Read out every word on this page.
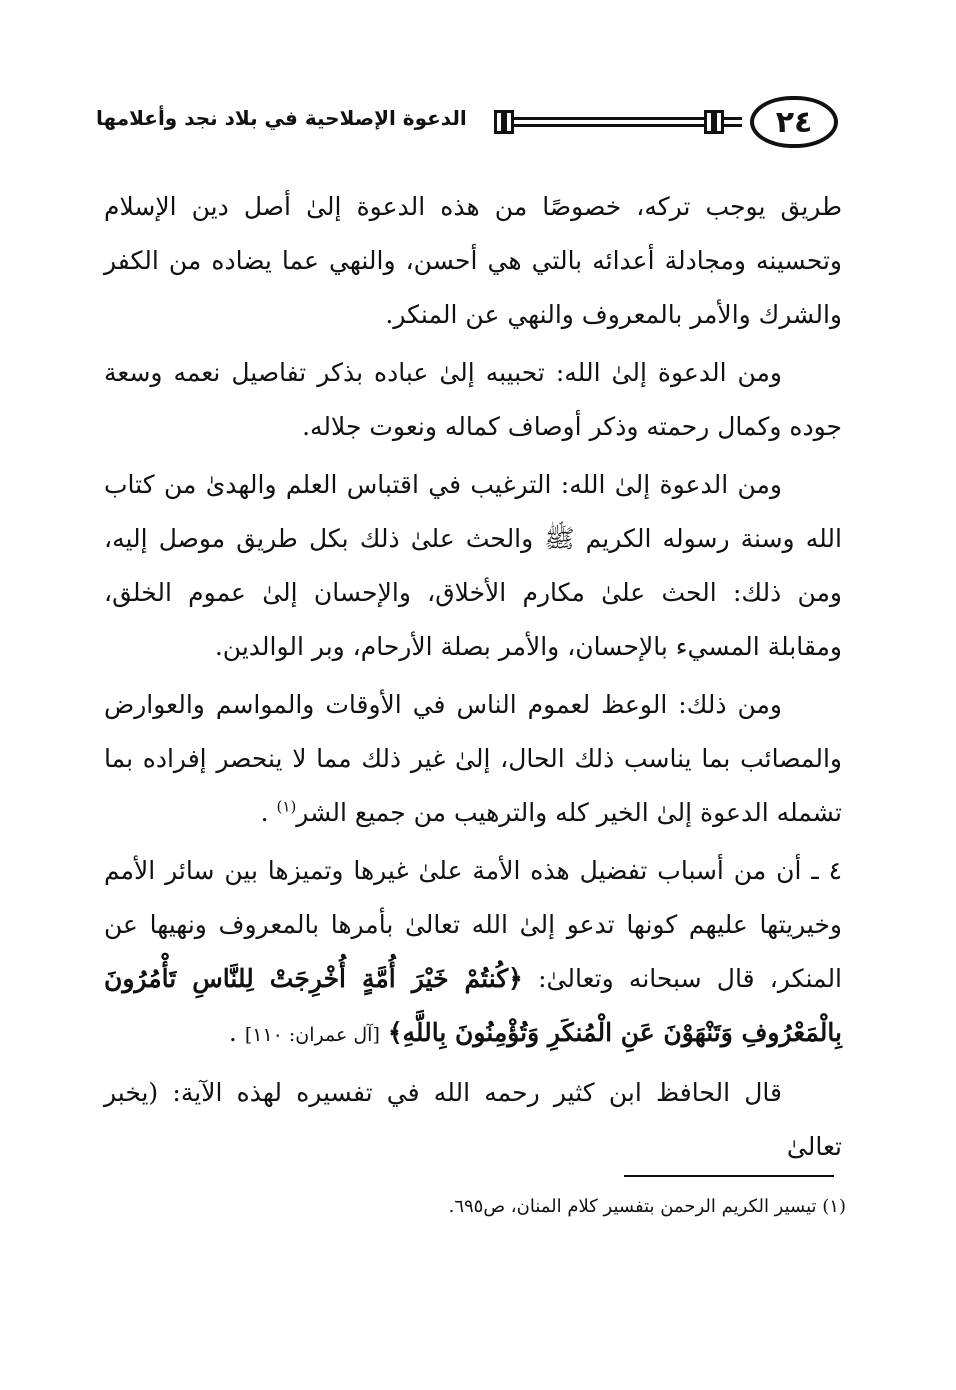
٢٤
الدعوة الإصلاحية في بلاد نجد وأعلامها

طريق يوجب تركه، خصوصًا من هذه الدعوة إلىٰ أصل دين الإسلام وتحسينه ومجادلة أعدائه بالتي هي أحسن، والنهي عما يضاده من الكفر والشرك والأمر بالمعروف والنهي عن المنكر.

ومن الدعوة إلىٰ الله: تحبيبه إلىٰ عباده بذكر تفاصيل نعمه وسعة جوده وكمال رحمته وذكر أوصاف كماله ونعوت جلاله.

ومن الدعوة إلىٰ الله: الترغيب في اقتباس العلم والهدىٰ من كتاب الله وسنة رسوله الكريم ﷺ والحث علىٰ ذلك بكل طريق موصل إليه، ومن ذلك: الحث علىٰ مكارم الأخلاق، والإحسان إلىٰ عموم الخلق، ومقابلة المسيء بالإحسان، والأمر بصلة الأرحام، وبر الوالدين.

ومن ذلك: الوعظ لعموم الناس في الأوقات والمواسم والعوارض والمصائب بما يناسب ذلك الحال، إلىٰ غير ذلك مما لا ينحصر إفراده بما تشمله الدعوة إلىٰ الخير كله والترهيب من جميع الشر$^{(١)}$ .

٤ ـ أن من أسباب تفضيل هذه الأمة علىٰ غيرها وتميزها بين سائر الأمم وخيريتها عليهم كونها تدعو إلىٰ الله تعالىٰ بأمرها بالمعروف ونهيها عن المنكر، قال سبحانه وتعالىٰ: ﴿كُنتُمْ خَيْرَ أُمَّةٍ أُخْرِجَتْ لِلنَّاسِ تَأْمُرُونَ بِالْمَعْرُوفِ وَتَنْهَوْنَ عَنِ الْمُنكَرِ وَتُؤْمِنُونَ بِاللَّهِ﴾ [آل عمران: ١١٠] .

قال الحافظ ابن كثير رحمه الله في تفسيره لهذه الآية: (يخبر تعالىٰ

(١) تيسير الكريم الرحمن بتفسير كلام المنان، ص٦٩٥.
